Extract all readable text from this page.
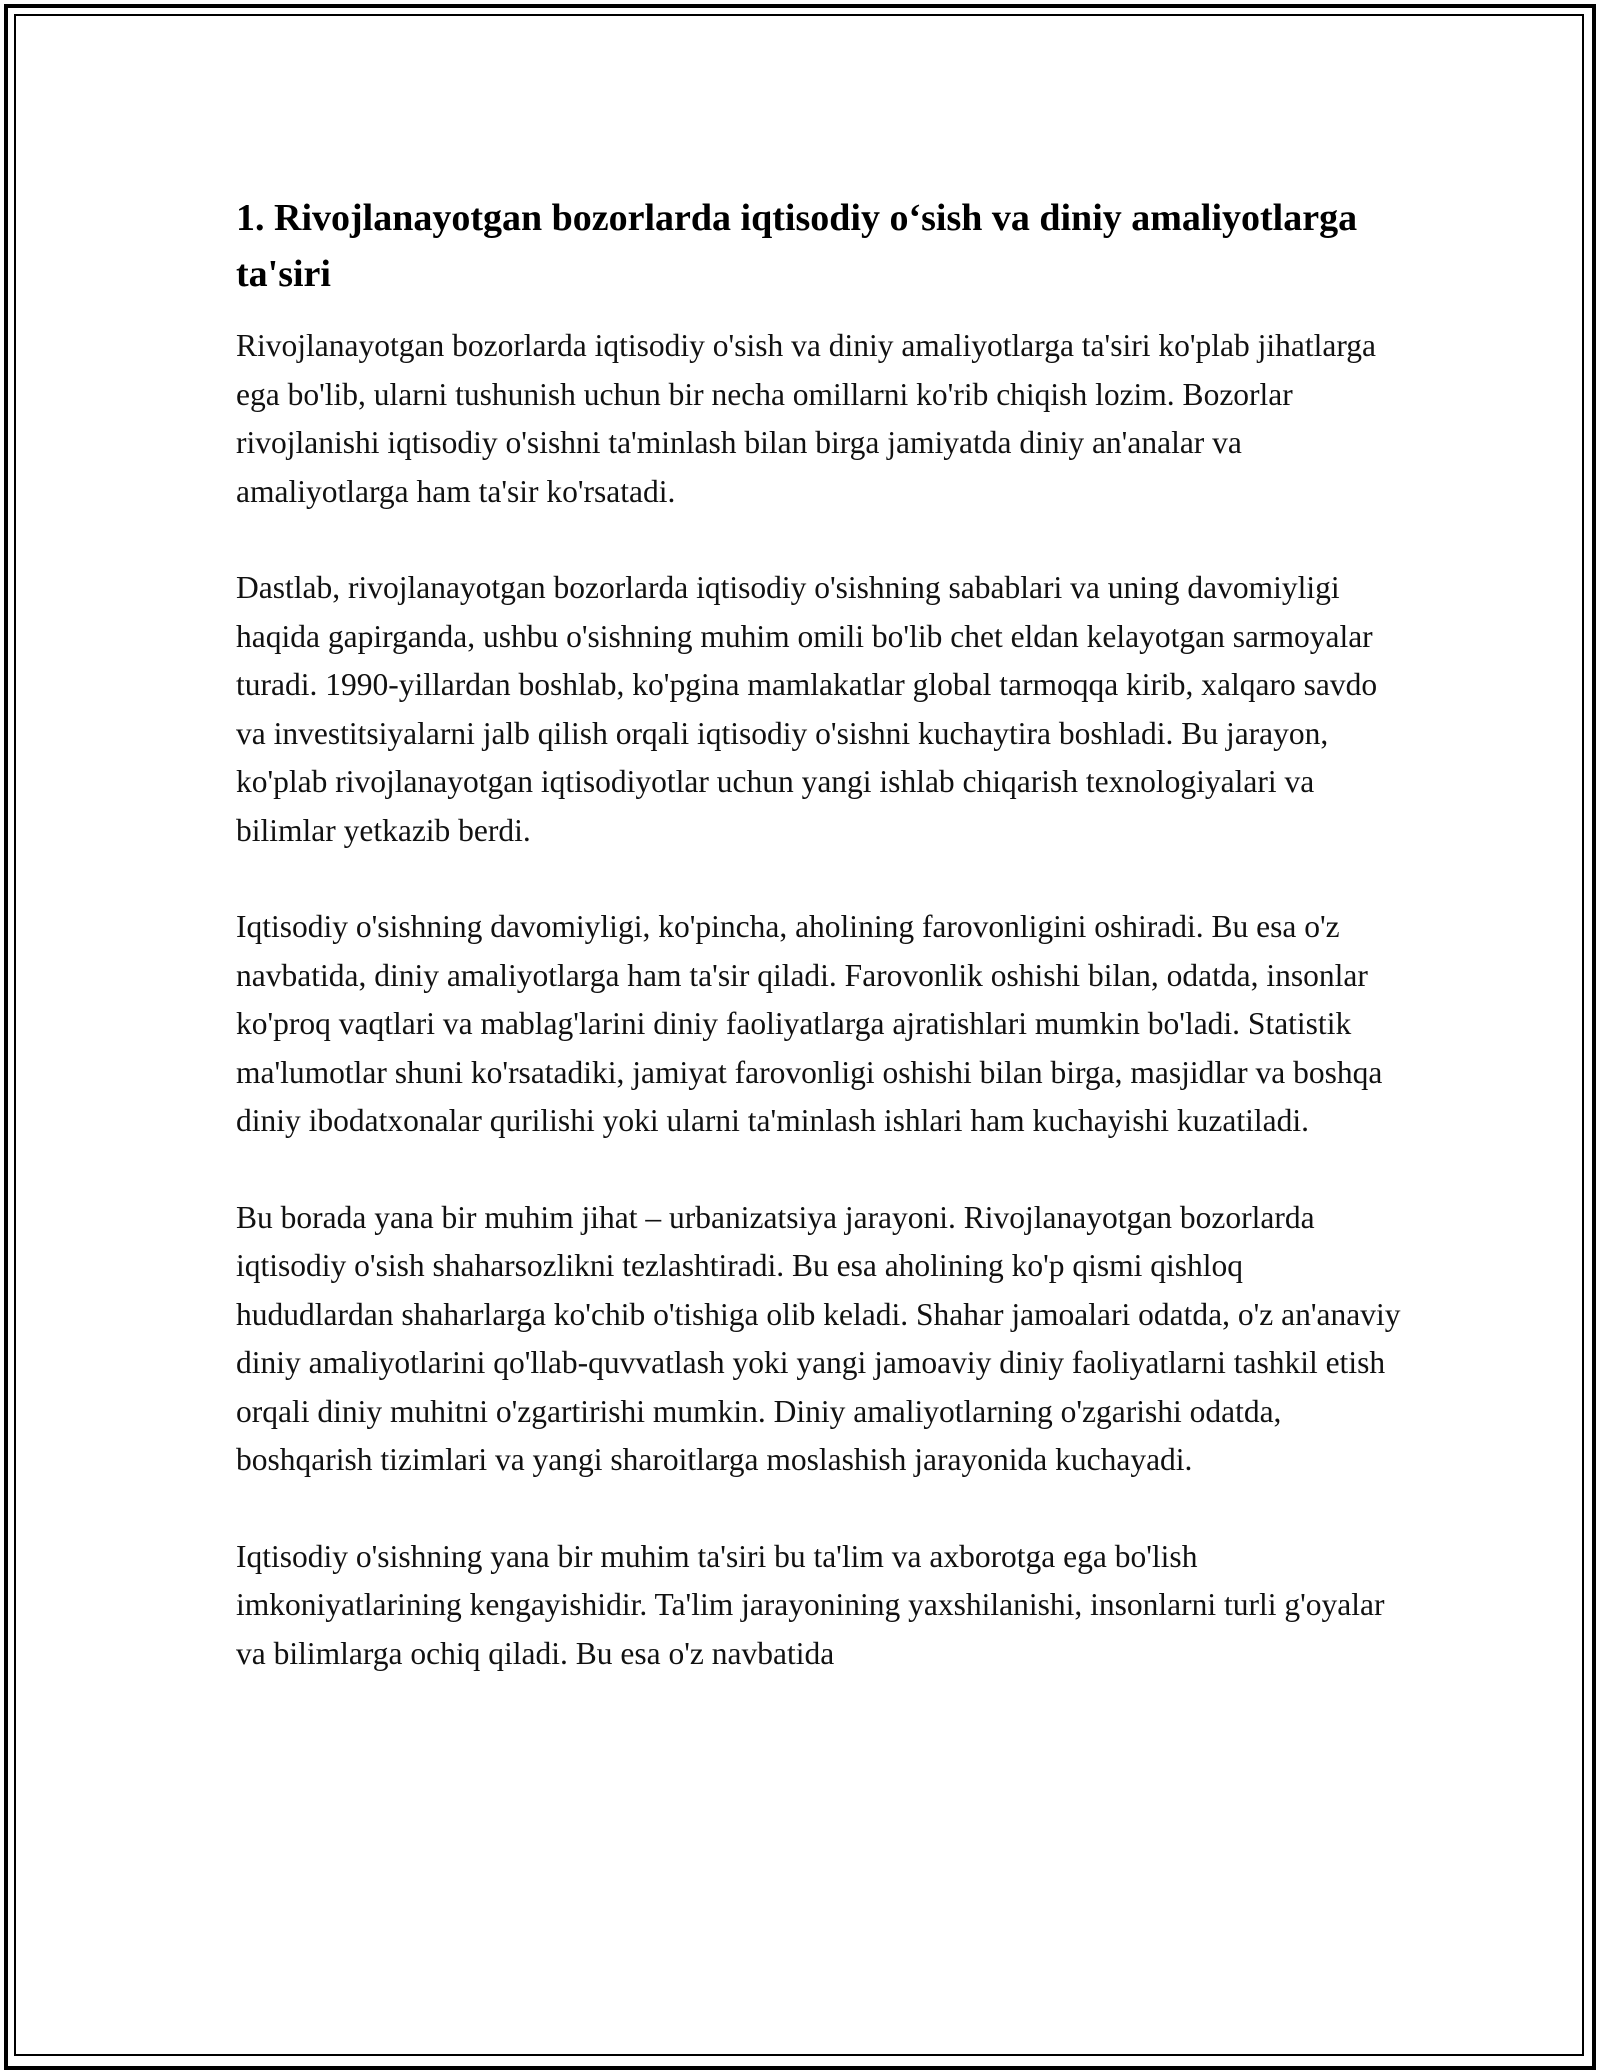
1. Rivojlanayotgan bozorlarda iqtisodiy o‘sish va diniy amaliyotlarga ta'siri

Rivojlanayotgan bozorlarda iqtisodiy o'sish va diniy amaliyotlarga ta'siri ko'plab jihatlarga ega bo'lib, ularni tushunish uchun bir necha omillarni ko'rib chiqish lozim. Bozorlar rivojlanishi iqtisodiy o'sishni ta'minlash bilan birga jamiyatda diniy an'analar va amaliyotlarga ham ta'sir ko'rsatadi.

Dastlab, rivojlanayotgan bozorlarda iqtisodiy o'sishning sabablari va uning davomiyligi haqida gapirganda, ushbu o'sishning muhim omili bo'lib chet eldan kelayotgan sarmoyalar turadi. 1990-yillardan boshlab, ko'pgina mamlakatlar global tarmoqqa kirib, xalqaro savdo va investitsiyalarni jalb qilish orqali iqtisodiy o'sishni kuchaytira boshladi. Bu jarayon, ko'plab rivojlanayotgan iqtisodiyotlar uchun yangi ishlab chiqarish texnologiyalari va bilimlar yetkazib berdi.

Iqtisodiy o'sishning davomiyligi, ko'pincha, aholining farovonligini oshiradi. Bu esa o'z navbatida, diniy amaliyotlarga ham ta'sir qiladi. Farovonlik oshishi bilan, odatda, insonlar ko'proq vaqtlari va mablag'larini diniy faoliyatlarga ajratishlari mumkin bo'ladi. Statistik ma'lumotlar shuni ko'rsatadiki, jamiyat farovonligi oshishi bilan birga, masjidlar va boshqa diniy ibodatxonalar qurilishi yoki ularni ta'minlash ishlari ham kuchayishi kuzatiladi.

Bu borada yana bir muhim jihat – urbanizatsiya jarayoni. Rivojlanayotgan bozorlarda iqtisodiy o'sish shaharsozlikni tezlashtiradi. Bu esa aholining ko'p qismi qishloq hududlardan shaharlarga ko'chib o'tishiga olib keladi. Shahar jamoalari odatda, o'z an'anaviy diniy amaliyotlarini qo'llab-quvvatlash yoki yangi jamoaviy diniy faoliyatlarni tashkil etish orqali diniy muhitni o'zgartirishi mumkin. Diniy amaliyotlarning o'zgarishi odatda, boshqarish tizimlari va yangi sharoitlarga moslashish jarayonida kuchayadi.

Iqtisodiy o'sishning yana bir muhim ta'siri bu ta'lim va axborotga ega bo'lish imkoniyatlarining kengayishidir. Ta'lim jarayonining yaxshilanishi, insonlarni turli g'oyalar va bilimlarga ochiq qiladi. Bu esa o'z navbatida
